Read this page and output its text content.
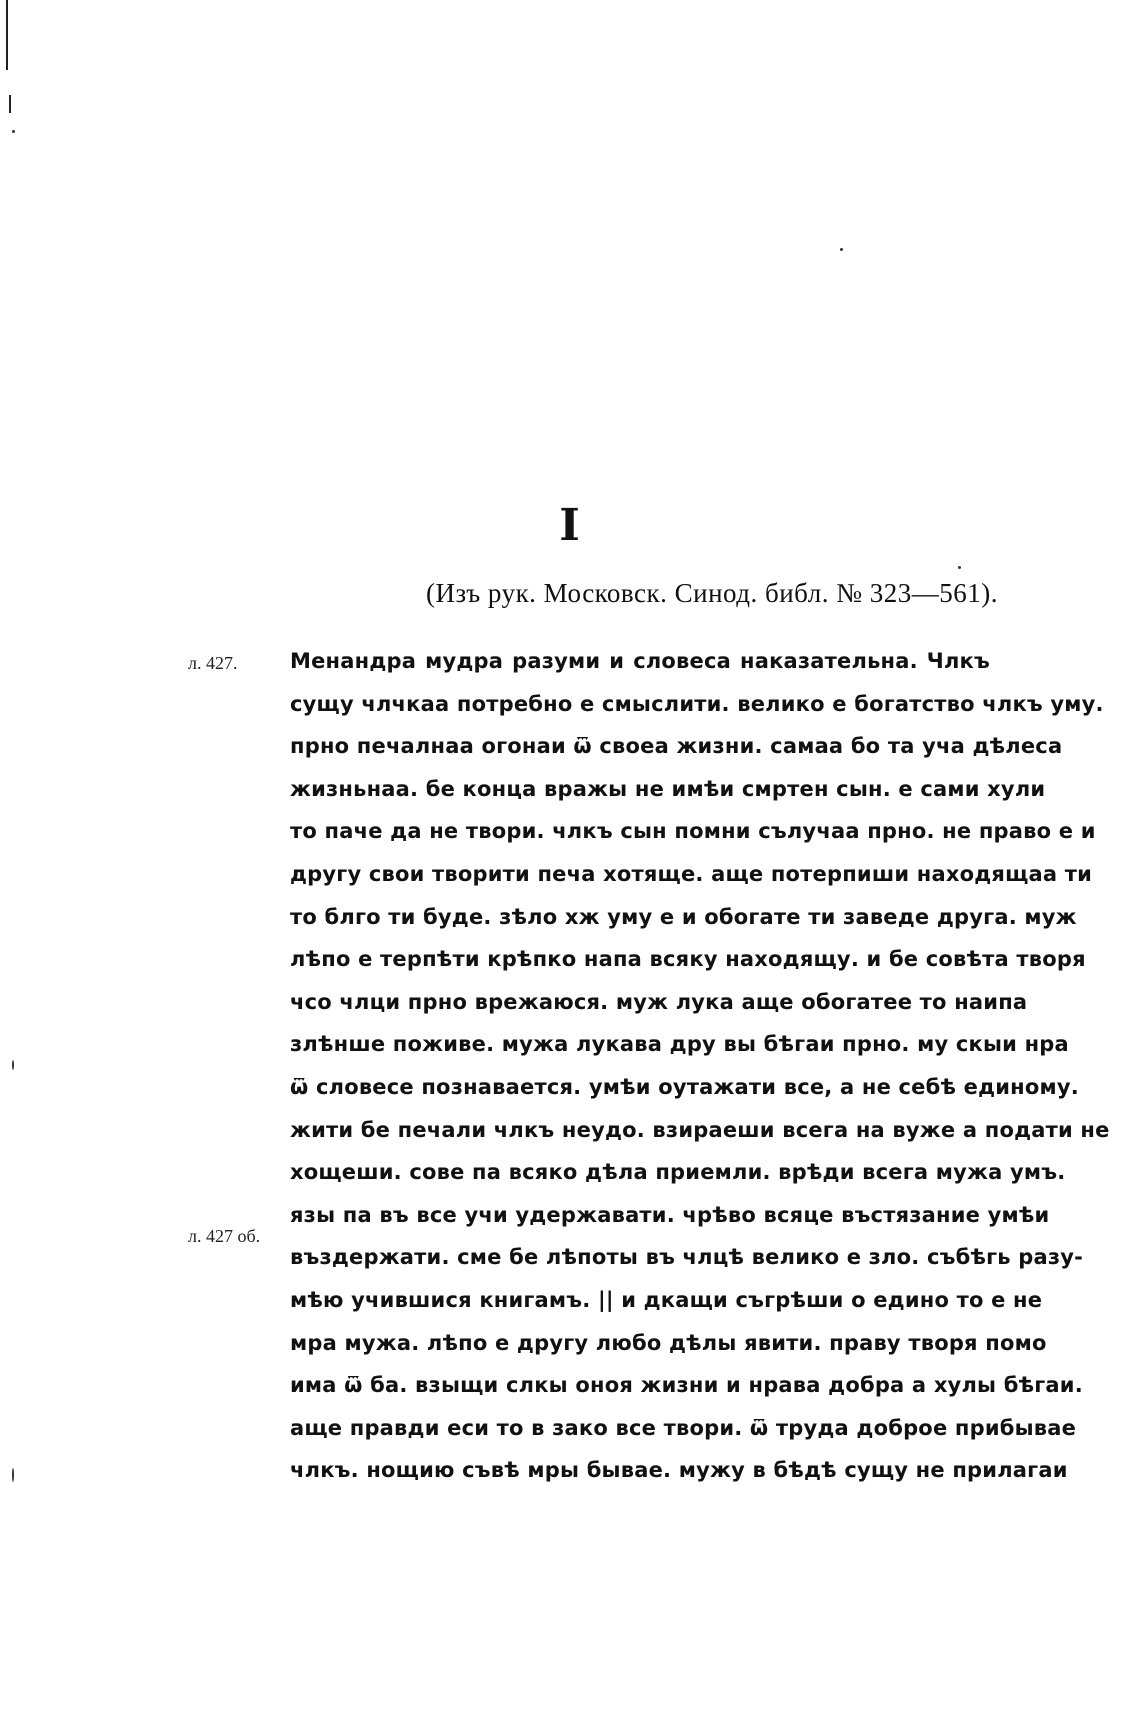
I
(Изъ рук. Московск. Синод. библ. № 323—561).
л. 427.
л. 427 об.
Менандра мудра разуми и словеса наказательна. Члкъ
сущу члчкаа потребно е смыслити. велико е богатство члкъ уму.
прно печалнаа огонаи ѿ своеа жизни. самаа бо та уча дѣлеса
жизньнаа. бе конца вражы не имѣи смртен сын. е сами хули
то паче да не твори. члкъ сын помни сълучаа прно. не право е и
другу свои творити печа хотяще. аще потерпиши находящаа ти
то блго ти буде. зѣло хж уму е и обогате ти заведе друга. муж
лѣпо е терпѣти крѣпко напа всяку находящу. и бе совѣта творя
чсо члци прно врежаюся. муж лука аще обогатее то наипа
злѣнше поживе. мужа лукава дру вы бѣгаи прно. му скыи нра
ѿ словесе познавается. умѣи оутажати все, а не себѣ единому.
жити бе печали члкъ неудо. взираеши всега на вуже а подати не
хощеши. сове па всяко дѣла приемли. врѣди всега мужа умъ.
язы па въ все учи удержавати. чрѣво всяце въстязание умѣи
въздержати. сме бе лѣпоты въ члцѣ велико е зло. събѣгь разу-
мѣю учившися книгамъ. || и дкащи съгрѣши о едино то е не
мра мужа. лѣпо е другу любо дѣлы явити. праву творя помо
има ѿ ба. взыщи слкы оноя жизни и нрава добра а хулы бѣгаи.
аще правди еси то в зако все твори. ѿ труда доброе прибывае
члкъ. нощию съвѣ мры бывае. мужу в бѣдѣ сущу не прилагаи
